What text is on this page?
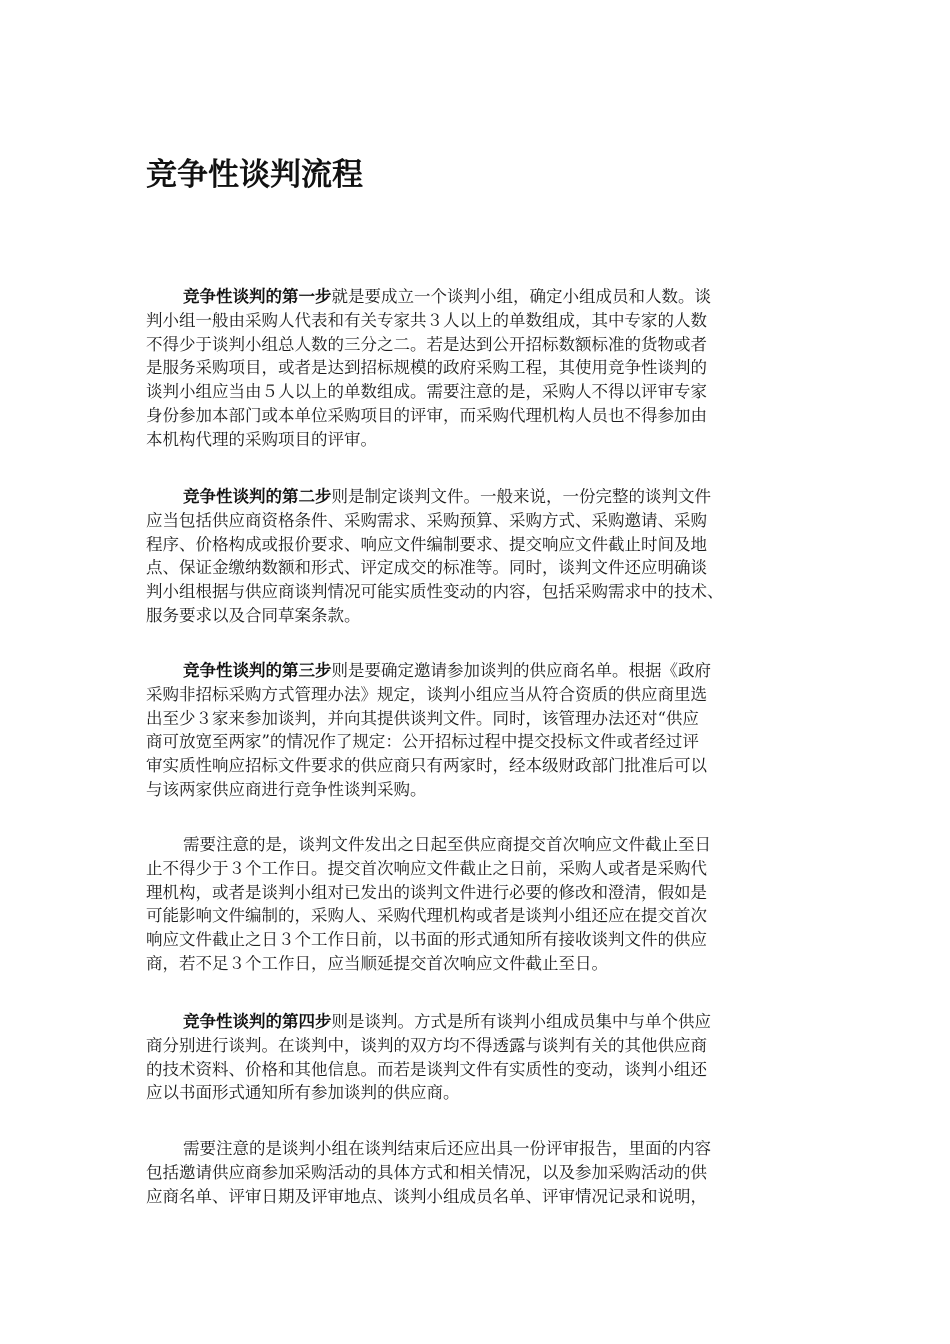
竞争性谈判流程

竞争性谈判的第一步就是要成立一个谈判小组，确定小组成员和人数。谈
判小组一般由采购人代表和有关专家共３人以上的单数组成，其中专家的人数
不得少于谈判小组总人数的三分之二。若是达到公开招标数额标准的货物或者
是服务采购项目，或者是达到招标规模的政府采购工程，其使用竞争性谈判的
谈判小组应当由５人以上的单数组成。需要注意的是，采购人不得以评审专家
身份参加本部门或本单位采购项目的评审，而采购代理机构人员也不得参加由
本机构代理的采购项目的评审。

竞争性谈判的第二步则是制定谈判文件。一般来说，一份完整的谈判文件
应当包括供应商资格条件、采购需求、采购预算、采购方式、采购邀请、采购
程序、价格构成或报价要求、响应文件编制要求、提交响应文件截止时间及地
点、保证金缴纳数额和形式、评定成交的标准等。同时，谈判文件还应明确谈
判小组根据与供应商谈判情况可能实质性变动的内容，包括采购需求中的技术、
服务要求以及合同草案条款。

竞争性谈判的第三步则是要确定邀请参加谈判的供应商名单。根据《政府
采购非招标采购方式管理办法》规定，谈判小组应当从符合资质的供应商里选
出至少３家来参加谈判，并向其提供谈判文件。同时，该管理办法还对“供应
商可放宽至两家”的情况作了规定：公开招标过程中提交投标文件或者经过评
审实质性响应招标文件要求的供应商只有两家时，经本级财政部门批准后可以
与该两家供应商进行竞争性谈判采购。

需要注意的是，谈判文件发出之日起至供应商提交首次响应文件截止至日
止不得少于３个工作日。提交首次响应文件截止之日前，采购人或者是采购代
理机构，或者是谈判小组对已发出的谈判文件进行必要的修改和澄清，假如是
可能影响文件编制的，采购人、采购代理机构或者是谈判小组还应在提交首次
响应文件截止之日３个工作日前，以书面的形式通知所有接收谈判文件的供应
商，若不足３个工作日，应当顺延提交首次响应文件截止至日。

竞争性谈判的第四步则是谈判。方式是所有谈判小组成员集中与单个供应
商分别进行谈判。在谈判中，谈判的双方均不得透露与谈判有关的其他供应商
的技术资料、价格和其他信息。而若是谈判文件有实质性的变动，谈判小组还
应以书面形式通知所有参加谈判的供应商。

需要注意的是谈判小组在谈判结束后还应出具一份评审报告，里面的内容
包括邀请供应商参加采购活动的具体方式和相关情况，以及参加采购活动的供
应商名单、评审日期及评审地点、谈判小组成员名单、评审情况记录和说明，
